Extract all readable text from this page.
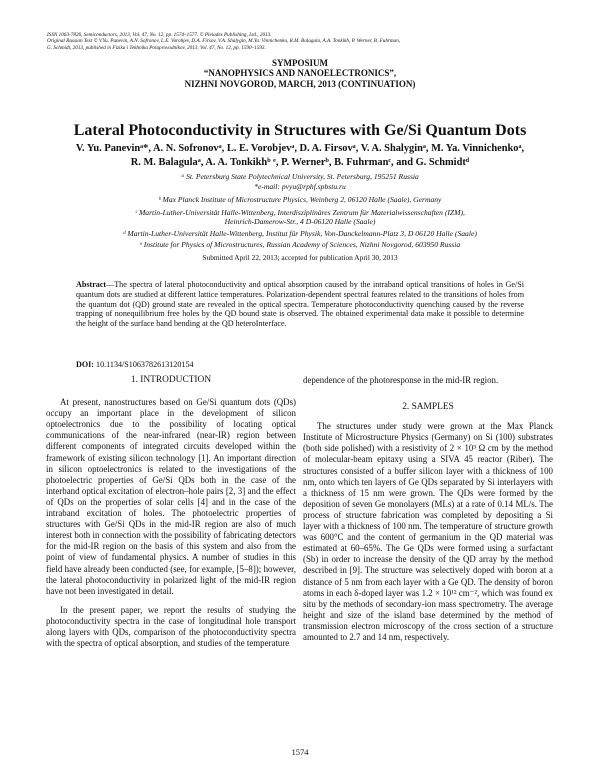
ISSN 1063-7826, Semiconductors, 2013, Vol. 47, No. 12, pp. 1574–1577. © Pleiades Publishing, Ltd., 2013.
Original Russian Text © V.Yu. Panevin, A.N. Sofronov, L.E. Vorobjev, D.A. Firsov, V.A. Shalygin, M.Ya. Vinnichenko, R.M. Balagula, A.A. Tonkikh, P. Werner, B. Fuhrman,
G. Schmidt, 2013, published in Fizika i Tekhnika Poluprovodnikov, 2013, Vol. 47, No. 12, pp. 1590–1593.
SYMPOSIUM
“NANOPHYSICS AND NANOELECTRONICS”,
NIZHNI NOVGOROD, MARCH, 2013 (CONTINUATION)
Lateral Photoconductivity in Structures with Ge/Si Quantum Dots
V. Yu. Panevinᵃ*, A. N. Sofronovᵃ, L. E. Vorobjevᵃ, D. A. Firsovᵃ, V. A. Shalyginᵃ, M. Ya. Vinnichenkoᵃ,
R. M. Balagulaᵃ, A. A. Tonkikhᵇ ᵉ, P. Wernerᵇ, B. Fuhrmanᶜ, and G. Schmidtᵈ
ᵃ St. Petersburg State Polytechnical University, St. Petersburg, 195251 Russia
*e-mail: pvyu@rphf.spbstu.ru
ᵇ Max Planck Institute of Microstructure Physics, Weinberg 2, 06120 Halle (Saale), Germany
ᶜ Martin-Luther-Universität Halle-Wittenberg, Interdisziplinäres Zentrum für Materialwissenschaften (IZM),
Heinrich-Damerow-Str., 4 D-06120 Halle (Saale)
ᵈ Martin-Luther-Universität Halle-Wittenberg, Institut für Physik, Von-Danckelmann-Platz 3, D 06120 Halle (Saale)
ᵉ Institute for Physics of Microstructures, Russian Academy of Sciences, Nizhni Novgorod, 603950 Russia
Submitted April 22, 2013; accepted for publication April 30, 2013
Abstract—The spectra of lateral photoconductivity and optical absorption caused by the intraband optical transitions of holes in Ge/Si quantum dots are studied at different lattice temperatures. Polarization-dependent spectral features related to the transitions of holes from the quantum dot (QD) ground state are revealed in the optical spectra. Temperature photoconductivity quenching caused by the reverse trapping of nonequilibrium free holes by the QD bound state is observed. The obtained experimental data make it possible to determine the height of the surface band bending at the QD heteroInterface.
DOI: 10.1134/S1063782613120154

1. INTRODUCTION

At present, nanostructures based on Ge/Si quantum dots (QDs) occupy an important place in the development of silicon optoelectronics due to the possibility of locating optical communications of the near-infrared (near-IR) region between different components of integrated circuits developed within the framework of existing silicon technology [1]. An important direction in silicon optoelectronics is related to the investigations of the photoelectric properties of Ge/Si QDs both in the case of the interband optical excitation of electron–hole pairs [2, 3] and the effect of QDs on the properties of solar cells [4] and in the case of the intraband excitation of holes. The photoelectric properties of structures with Ge/Si QDs in the mid-IR region are also of much interest both in connection with the possibility of fabricating detectors for the mid-IR region on the basis of this system and also from the point of view of fundamental physics. A number of studies in this field have already been conducted (see, for example, [5–8]); however, the lateral photoconductivity in polarized light of the mid-IR region have not been investigated in detail.

In the present paper, we report the results of studying the photoconductivity spectra in the case of longitudinal hole transport along layers with QDs, comparison of the photoconductivity spectra with the spectra of optical absorption, and studies of the temperature

dependence of the photoresponse in the mid-IR region.

2. SAMPLES

The structures under study were grown at the Max Planck Institute of Microstructure Physics (Germany) on Si (100) substrates (both side polished) with a resistivity of 2 × 10³ Ω cm by the method of molecular-beam epitaxy using a SIVA 45 reactor (Riber). The structures consisted of a buffer silicon layer with a thickness of 100 nm, onto which ten layers of Ge QDs separated by Si interlayers with a thickness of 15 nm were grown. The QDs were formed by the deposition of seven Ge monolayers (MLs) at a rate of 0.14 ML/s. The process of structure fabrication was completed by depositing a Si layer with a thickness of 100 nm. The temperature of structure growth was 600°C and the content of germanium in the QD material was estimated at 60–65%. The Ge QDs were formed using a surfactant (Sb) in order to increase the density of the QD array by the method described in [9]. The structure was selectively doped with boron at a distance of 5 nm from each layer with a Ge QD. The density of boron atoms in each δ-doped layer was 1.2 × 10¹² cm⁻², which was found ex situ by the methods of secondary-ion mass spectrometry. The average height and size of the island base determined by the method of transmission electron microscopy of the cross section of a structure amounted to 2.7 and 14 nm, respectively.

1574
